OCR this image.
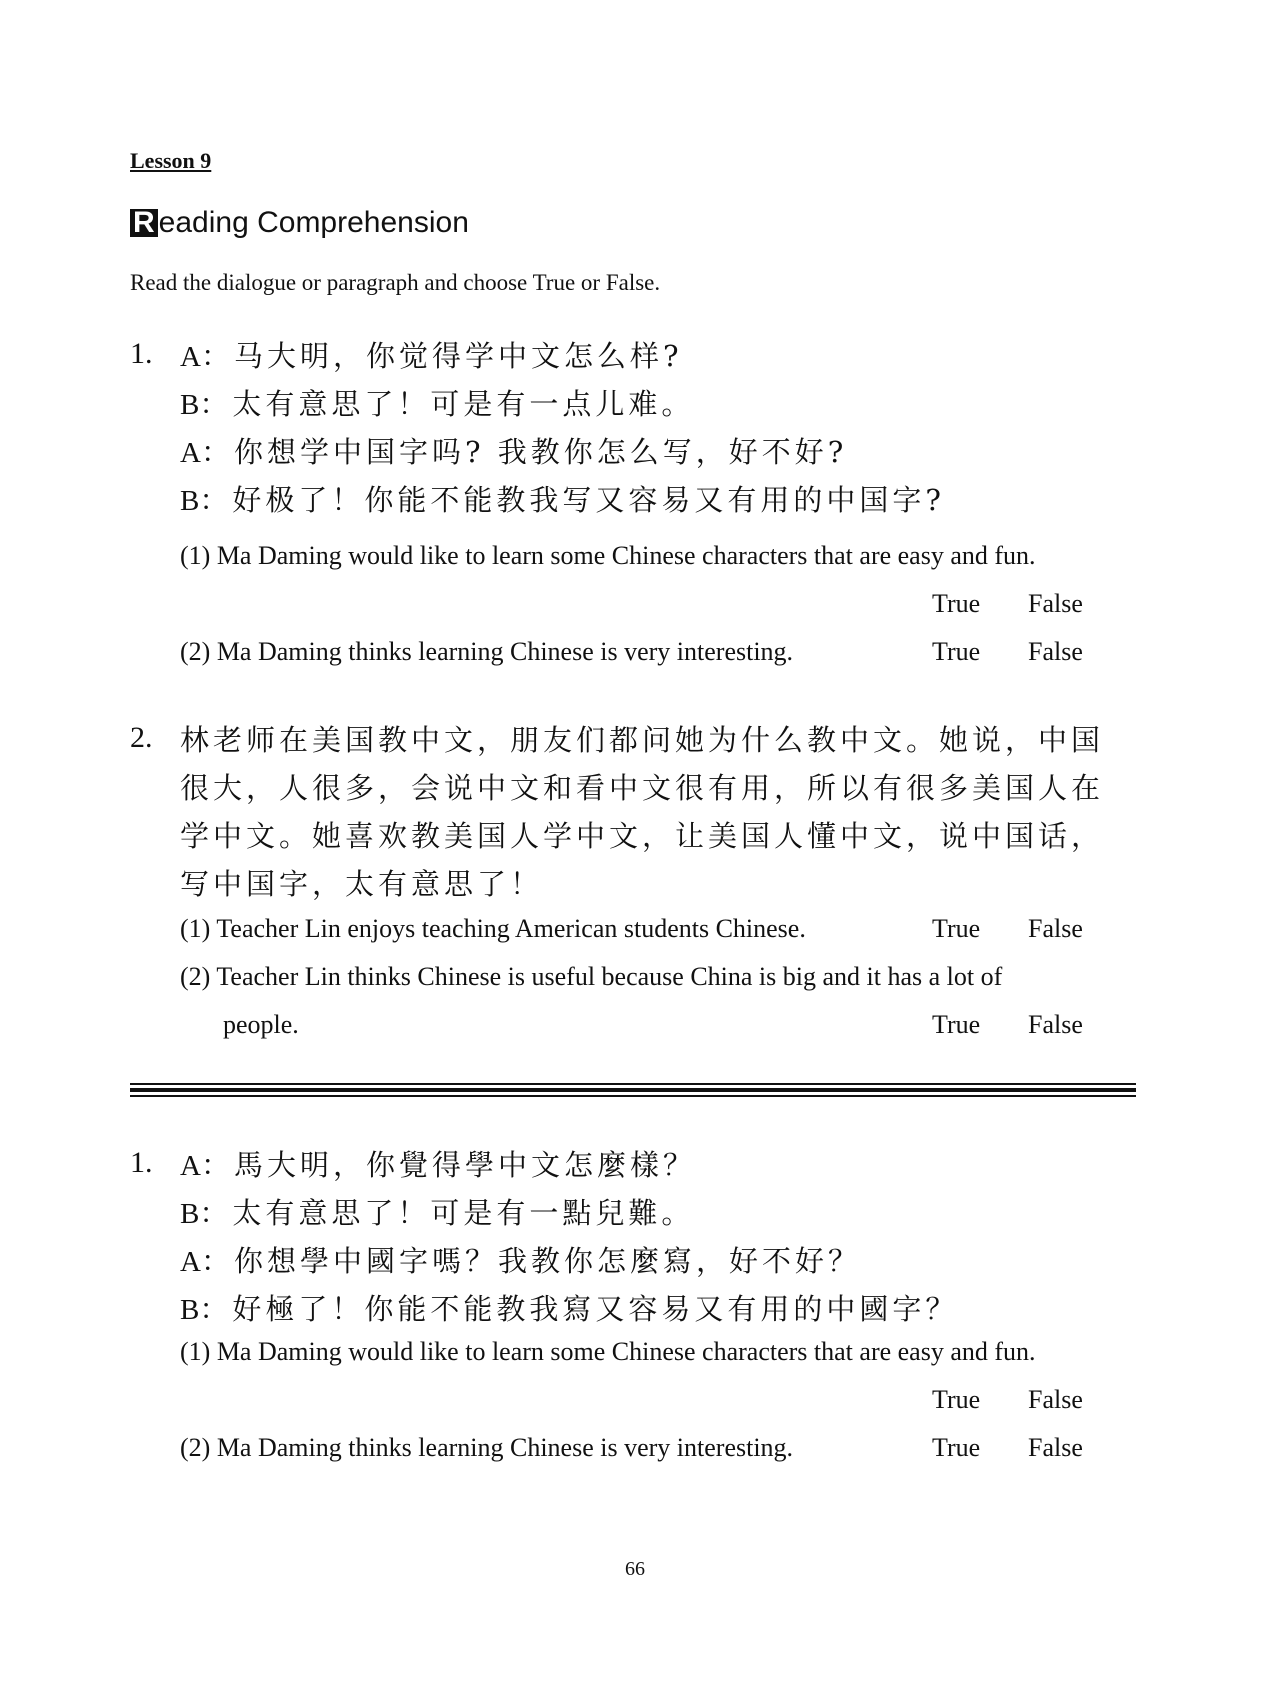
Lesson 9
R eading Comprehension
Read the dialogue or paragraph and choose True or False.
1. A：马大明，你觉得学中文怎么样?
B：太有意思了！可是有一点儿难。
A：你想学中国字吗? 我教你怎么写，好不好?
B：好极了！你能不能教我写又容易又有用的中国字?
(1) Ma Daming would like to learn some Chinese characters that are easy and fun.
True False
(2) Ma Daming thinks learning Chinese is very interesting.	True False
2. 林老师在美国教中文，朋友们都问她为什么教中文。她说，中国
很大，人很多，会说中文和看中文很有用，所以有很多美国人在
学中文。她喜欢教美国人学中文，让美国人懂中文，说中国话，
写中国字，太有意思了！
(1) Teacher Lin enjoys teaching American students Chinese.	True False
(2) Teacher Lin thinks Chinese is useful because China is big and it has a lot of
people.	True False
1. A：馬大明，你覺得學中文怎麼樣？
B：太有意思了！可是有一點兒難。
A：你想學中國字嗎？我教你怎麼寫，好不好？
B：好極了！你能不能教我寫又容易又有用的中國字？
(1) Ma Daming would like to learn some Chinese characters that are easy and fun.
True False
(2) Ma Daming thinks learning Chinese is very interesting.	True False
66
